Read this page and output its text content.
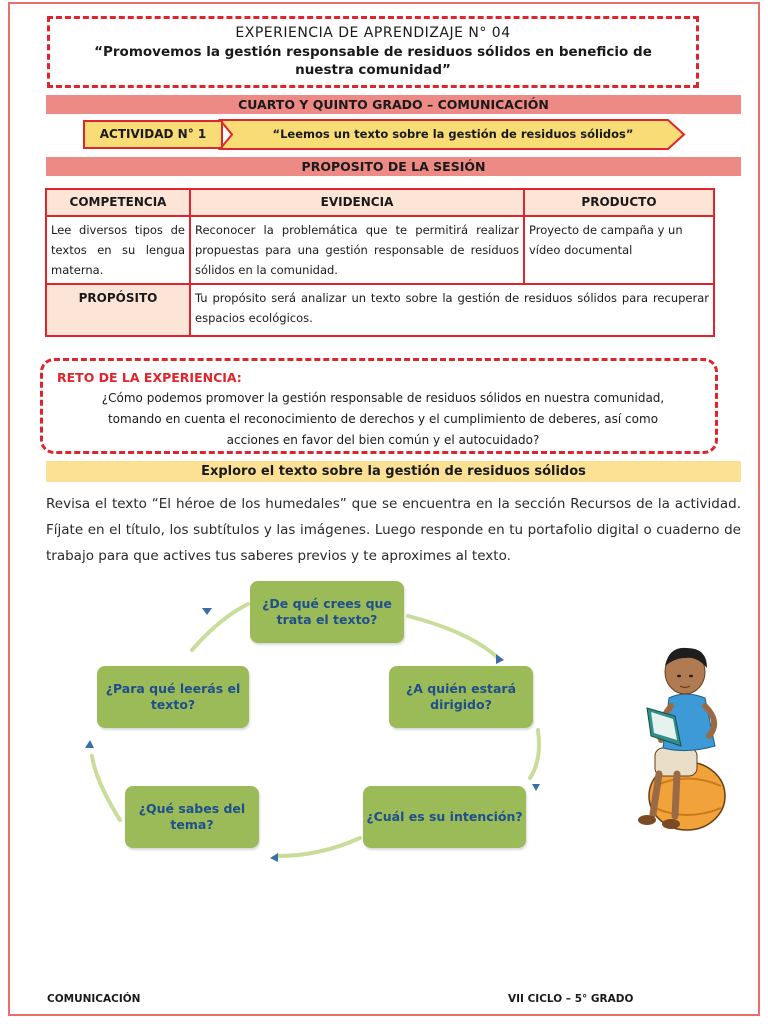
EXPERIENCIA DE APRENDIZAJE N° 04
“Promovemos la gestión responsable de residuos sólidos en beneficio de nuestra comunidad”
CUARTO Y QUINTO GRADO – COMUNICACIÓN
ACTIVIDAD N° 1	“Leemos un texto sobre la gestión de residuos sólidos”
PROPOSITO DE LA SESIÓN
COMPETENCIA	EVIDENCIA	PRODUCTO
Lee diversos tipos de textos en su lengua materna.	Reconocer la problemática que te permitirá realizar propuestas para una gestión responsable de residuos sólidos en la comunidad.	Proyecto de campaña y un vídeo documental
PROPÓSITO	Tu propósito será analizar un texto sobre la gestión de residuos sólidos para recuperar espacios ecológicos.	
RETO DE LA EXPERIENCIA:
¿Cómo podemos promover la gestión responsable de residuos sólidos en nuestra comunidad,
tomando en cuenta el reconocimiento de derechos y el cumplimiento de deberes, así como
acciones en favor del bien común y el autocuidado?
Exploro el texto sobre la gestión de residuos sólidos
Revisa el texto “El héroe de los humedales” que se encuentra en la sección Recursos de la actividad. Fíjate en el título, los subtítulos y las imágenes. Luego responde en tu portafolio digital o cuaderno de trabajo para que actives tus saberes previos y te aproximes al texto.
¿De qué crees que trata el texto?
¿A quién estará dirigido?
¿Cuál es su intención?
¿Qué sabes del tema?
¿Para qué leerás el texto?
COMUNICACIÓN	VII CICLO – 5° GRADO
